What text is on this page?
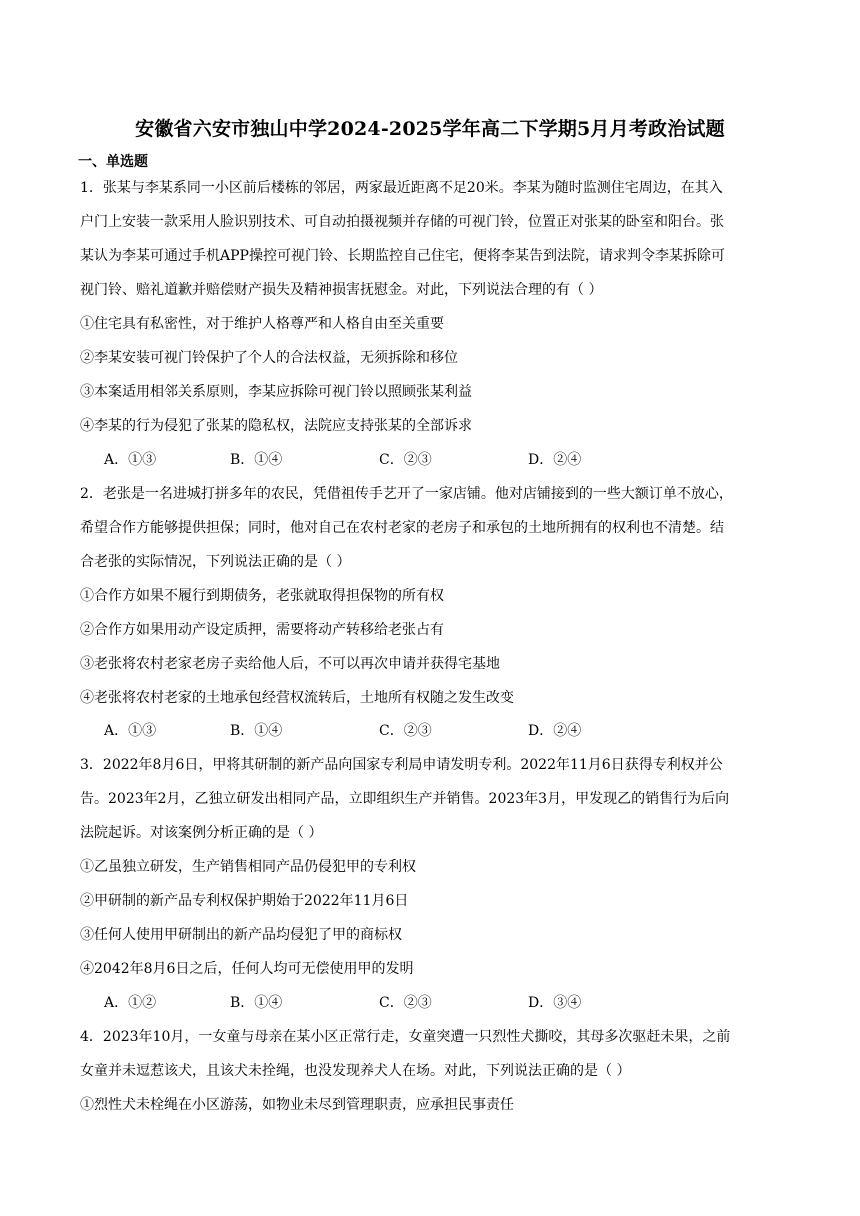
安徽省六安市独山中学2024-2025学年高二下学期5月月考政治试题
一、单选题
1．张某与李某系同一小区前后楼栋的邻居，两家最近距离不足20米。李某为随时监测住宅周边，在其入
户门上安装一款采用人脸识别技术、可自动拍摄视频并存储的可视门铃，位置正对张某的卧室和阳台。张
某认为李某可通过手机APP操控可视门铃、长期监控自己住宅，便将李某告到法院，请求判令李某拆除可
视门铃、赔礼道歉并赔偿财产损失及精神损害抚慰金。对此，下列说法合理的有（ ）
①住宅具有私密性，对于维护人格尊严和人格自由至关重要
②李某安装可视门铃保护了个人的合法权益，无须拆除和移位
③本案适用相邻关系原则，李某应拆除可视门铃以照顾张某利益
④李某的行为侵犯了张某的隐私权，法院应支持张某的全部诉求
A．①③	B．①④	C．②③	D．②④
2．老张是一名进城打拼多年的农民，凭借祖传手艺开了一家店铺。他对店铺接到的一些大额订单不放心，
希望合作方能够提供担保；同时，他对自己在农村老家的老房子和承包的土地所拥有的权利也不清楚。结
合老张的实际情况，下列说法正确的是（ ）
①合作方如果不履行到期债务，老张就取得担保物的所有权
②合作方如果用动产设定质押，需要将动产转移给老张占有
③老张将农村老家老房子卖给他人后，不可以再次申请并获得宅基地
④老张将农村老家的土地承包经营权流转后，土地所有权随之发生改变
A．①③	B．①④	C．②③	D．②④
3．2022年8月6日，甲将其研制的新产品向国家专利局申请发明专利。2022年11月6日获得专利权并公
告。2023年2月，乙独立研发出相同产品，立即组织生产并销售。2023年3月，甲发现乙的销售行为后向
法院起诉。对该案例分析正确的是（ ）
①乙虽独立研发，生产销售相同产品仍侵犯甲的专利权
②甲研制的新产品专利权保护期始于2022年11月6日
③任何人使用甲研制出的新产品均侵犯了甲的商标权
④2042年8月6日之后，任何人均可无偿使用甲的发明
A．①②	B．①④	C．②③	D．③④
4．2023年10月，一女童与母亲在某小区正常行走，女童突遭一只烈性犬撕咬，其母多次驱赶未果，之前
女童并未逗惹该犬，且该犬未拴绳，也没发现养犬人在场。对此，下列说法正确的是（ ）
①烈性犬未栓绳在小区游荡，如物业未尽到管理职责，应承担民事责任
